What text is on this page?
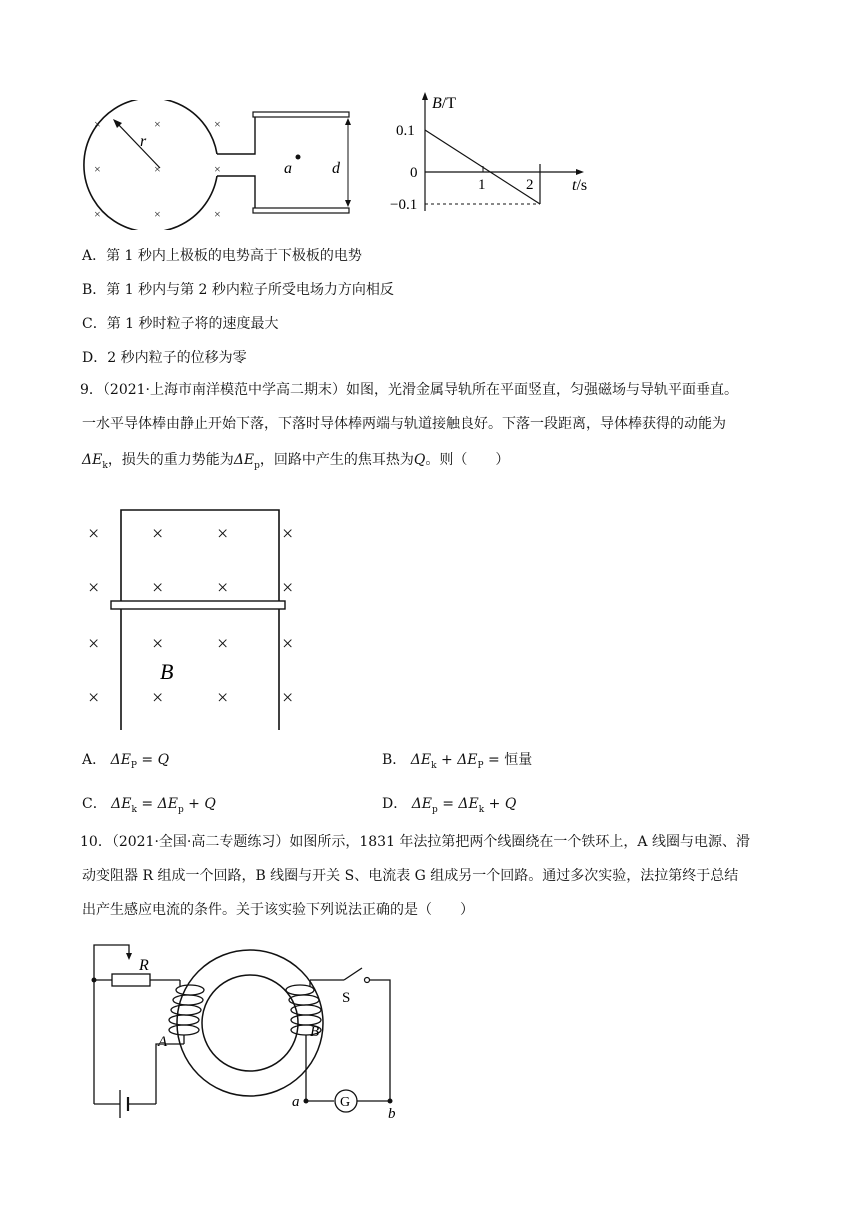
×	×	×
×	×	×
×	×	×
r
a	d
B/T
0.1
0
−0.1
1	2 t/s
A．第 1 秒内上极板的电势高于下极板的电势
B．第 1 秒内与第 2 秒内粒子所受电场力方向相反
C．第 1 秒时粒子将的速度最大
D．2 秒内粒子的位移为零
9．（2021·上海市南洋模范中学高二期末）如图，光滑金属导轨所在平面竖直，匀强磁场与导轨平面垂直。
一水平导体棒由静止开始下落，下落时导体棒两端与轨道接触良好。下落一段距离，导体棒获得的动能为
$\Delta E_k$，损失的重力势能为$\Delta E_p$，回路中产生的焦耳热为Q。则（　　）
×	×	×	×
×	×	×	×
×	×	×	×
×	×	×	×
B
A． $\Delta E_P = Q$	B． $\Delta E_k + \Delta E_P$ = 恒量
C． $\Delta E_k = \Delta E_p + Q$	D． $\Delta E_p = \Delta E_k + Q$
10．（2021·全国·高二专题练习）如图所示，1831 年法拉第把两个线圈绕在一个铁环上，A 线圈与电源、滑
动变阻器 R 组成一个回路，B 线圈与开关 S、电流表 G 组成另一个回路。通过多次实验，法拉第终于总结
出产生感应电流的条件。关于该实验下列说法正确的是（　　）
R
S
A
B
G
a
b
